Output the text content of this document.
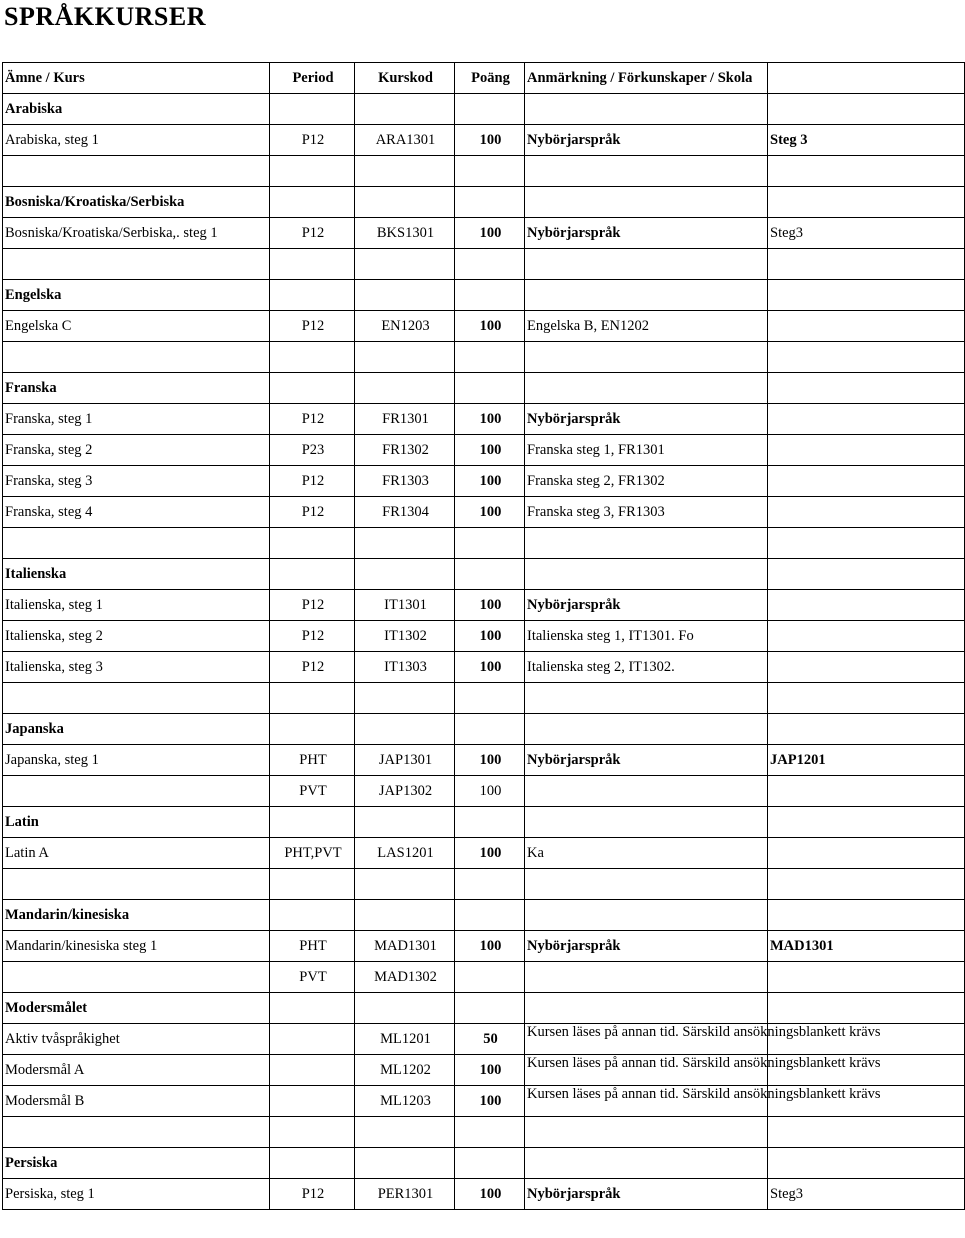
SPRÅKKURSER
Ämne / Kurs	Period	Kurskod	Poäng	Anmärkning / Förkunskaper / Skola	
Arabiska					
Arabiska, steg 1	P12	ARA1301	100	Nybörjarspråk	Steg 3

Bosniska/Kroatiska/Serbiska					
Bosniska/Kroatiska/Serbiska,. steg 1	P12	BKS1301	100	Nybörjarspråk	Steg3

Engelska					
Engelska C	P12	EN1203	100	Engelska B, EN1202	

Franska					
Franska, steg 1	P12	FR1301	100	Nybörjarspråk	
Franska, steg 2	P23	FR1302	100	Franska steg 1, FR1301	
Franska, steg 3	P12	FR1303	100	Franska steg 2, FR1302	
Franska, steg 4	P12	FR1304	100	Franska steg 3, FR1303	

Italienska					
Italienska, steg 1	P12	IT1301	100	Nybörjarspråk	
Italienska, steg 2	P12	IT1302	100	Italienska steg 1, IT1301. Fo	
Italienska, steg 3	P12	IT1303	100	Italienska steg 2, IT1302.	

Japanska					
Japanska, steg 1	PHT	JAP1301	100	Nybörjarspråk	JAP1201
	PVT	JAP1302	100		
Latin					
Latin A	PHT,PVT	LAS1201	100	Ka	

Mandarin/kinesiska					
Mandarin/kinesiska steg 1	PHT	MAD1301	100	Nybörjarspråk	MAD1301
	PVT	MAD1302			
Modersmålet					
Aktiv tvåspråkighet		ML1201	50	Kursen läses på annan tid. Särskild ansökningsblankett krävs	

Modersmål A		ML1202	100	Kursen läses på annan tid. Särskild ansökningsblankett krävs	

Modersmål B		ML1203	100	Kursen läses på annan tid. Särskild ansökningsblankett krävs	

Persiska					
Persiska, steg 1	P12	PER1301	100	Nybörjarspråk	Steg3
